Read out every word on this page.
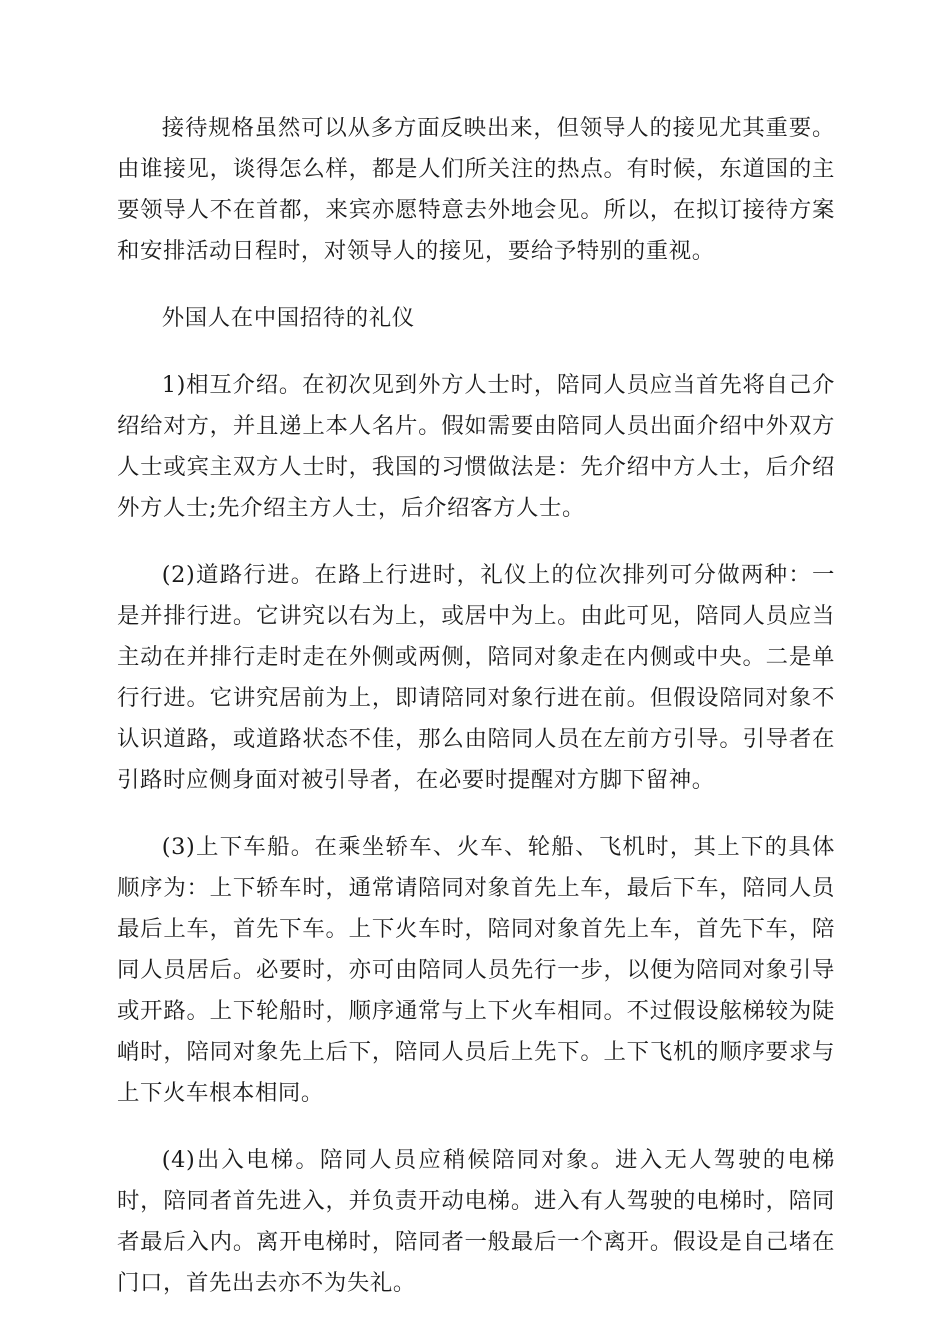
接待规格虽然可以从多方面反映出来，但领导人的接见尤其重要。由谁接见，谈得怎么样，都是人们所关注的热点。有时候，东道国的主要领导人不在首都，来宾亦愿特意去外地会见。所以，在拟订接待方案和安排活动日程时，对领导人的接见，要给予特别的重视。

外国人在中国招待的礼仪

1)相互介绍。在初次见到外方人士时，陪同人员应当首先将自己介绍给对方，并且递上本人名片。假如需要由陪同人员出面介绍中外双方人士或宾主双方人士时，我国的习惯做法是：先介绍中方人士，后介绍外方人士;先介绍主方人士，后介绍客方人士。

(2)道路行进。在路上行进时，礼仪上的位次排列可分做两种：一是并排行进。它讲究以右为上，或居中为上。由此可见，陪同人员应当主动在并排行走时走在外侧或两侧，陪同对象走在内侧或中央。二是单行行进。它讲究居前为上，即请陪同对象行进在前。但假设陪同对象不认识道路，或道路状态不佳，那么由陪同人员在左前方引导。引导者在引路时应侧身面对被引导者，在必要时提醒对方脚下留神。

(3)上下车船。在乘坐轿车、火车、轮船、飞机时，其上下的具体顺序为：上下轿车时，通常请陪同对象首先上车，最后下车，陪同人员最后上车，首先下车。上下火车时，陪同对象首先上车，首先下车，陪同人员居后。必要时，亦可由陪同人员先行一步，以便为陪同对象引导或开路。上下轮船时，顺序通常与上下火车相同。不过假设舷梯较为陡峭时，陪同对象先上后下，陪同人员后上先下。上下飞机的顺序要求与上下火车根本相同。

(4)出入电梯。陪同人员应稍候陪同对象。进入无人驾驶的电梯时，陪同者首先进入，并负责开动电梯。进入有人驾驶的电梯时，陪同者最后入内。离开电梯时，陪同者一般最后一个离开。假设是自己堵在门口，首先出去亦不为失礼。
